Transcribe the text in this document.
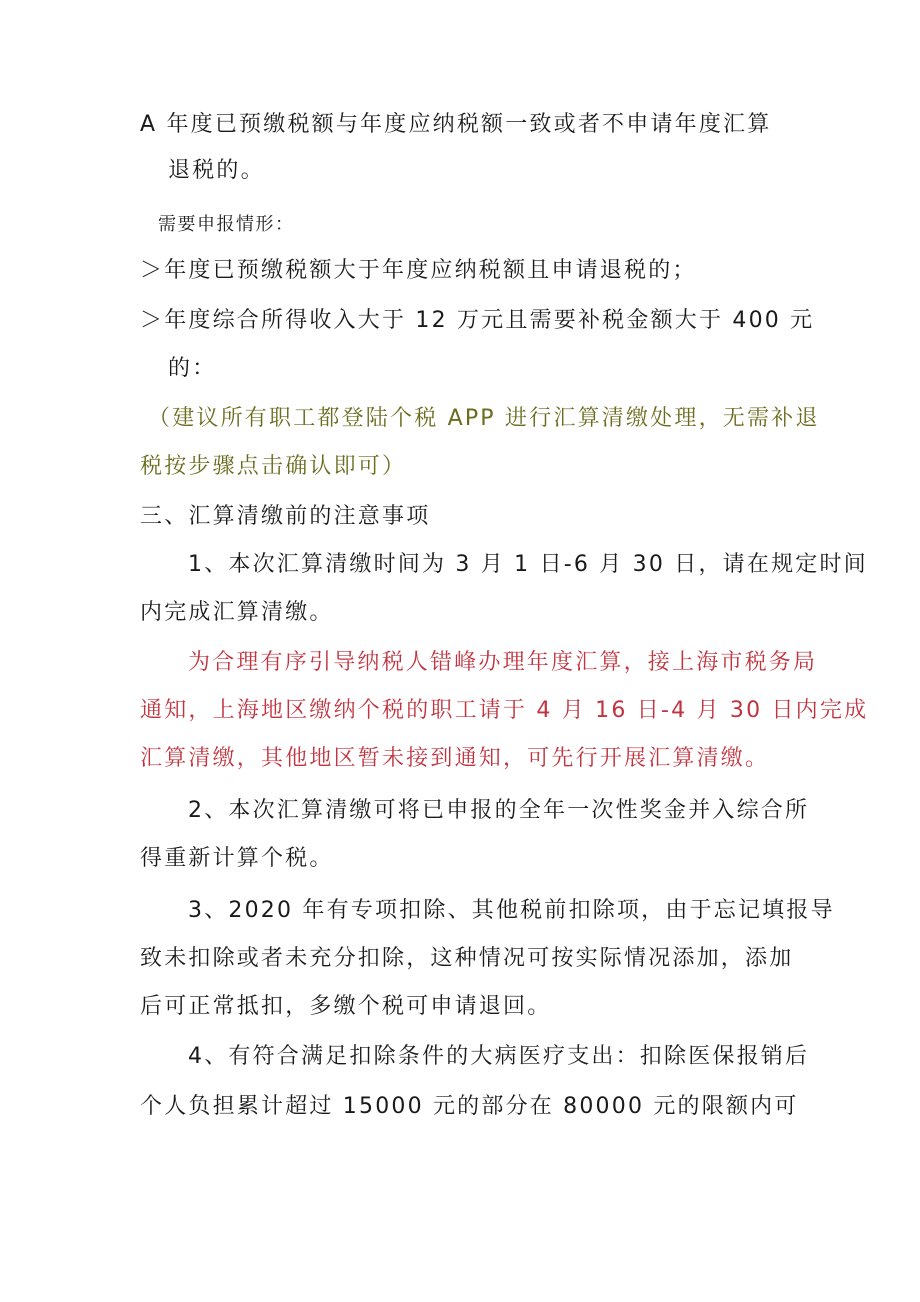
A 年度已预缴税额与年度应纳税额一致或者不申请年度汇算
退税的。
需要申报情形：
＞年度已预缴税额大于年度应纳税额且申请退税的；
＞年度综合所得收入大于 12 万元且需要补税金额大于 400 元
的：
（建议所有职工都登陆个税 APP 进行汇算清缴处理，无需补退
税按步骤点击确认即可）
三、汇算清缴前的注意事项
1、本次汇算清缴时间为 3 月 1 日-6 月 30 日，请在规定时间
内完成汇算清缴。
为合理有序引导纳税人错峰办理年度汇算，接上海市税务局
通知，上海地区缴纳个税的职工请于 4 月 16 日-4 月 30 日内完成
汇算清缴，其他地区暂未接到通知，可先行开展汇算清缴。
2、本次汇算清缴可将已申报的全年一次性奖金并入综合所
得重新计算个税。
3、2020 年有专项扣除、其他税前扣除项，由于忘记填报导
致未扣除或者未充分扣除，这种情况可按实际情况添加，添加
后可正常抵扣，多缴个税可申请退回。
4、有符合满足扣除条件的大病医疗支出：扣除医保报销后
个人负担累计超过 15000 元的部分在 80000 元的限额内可
